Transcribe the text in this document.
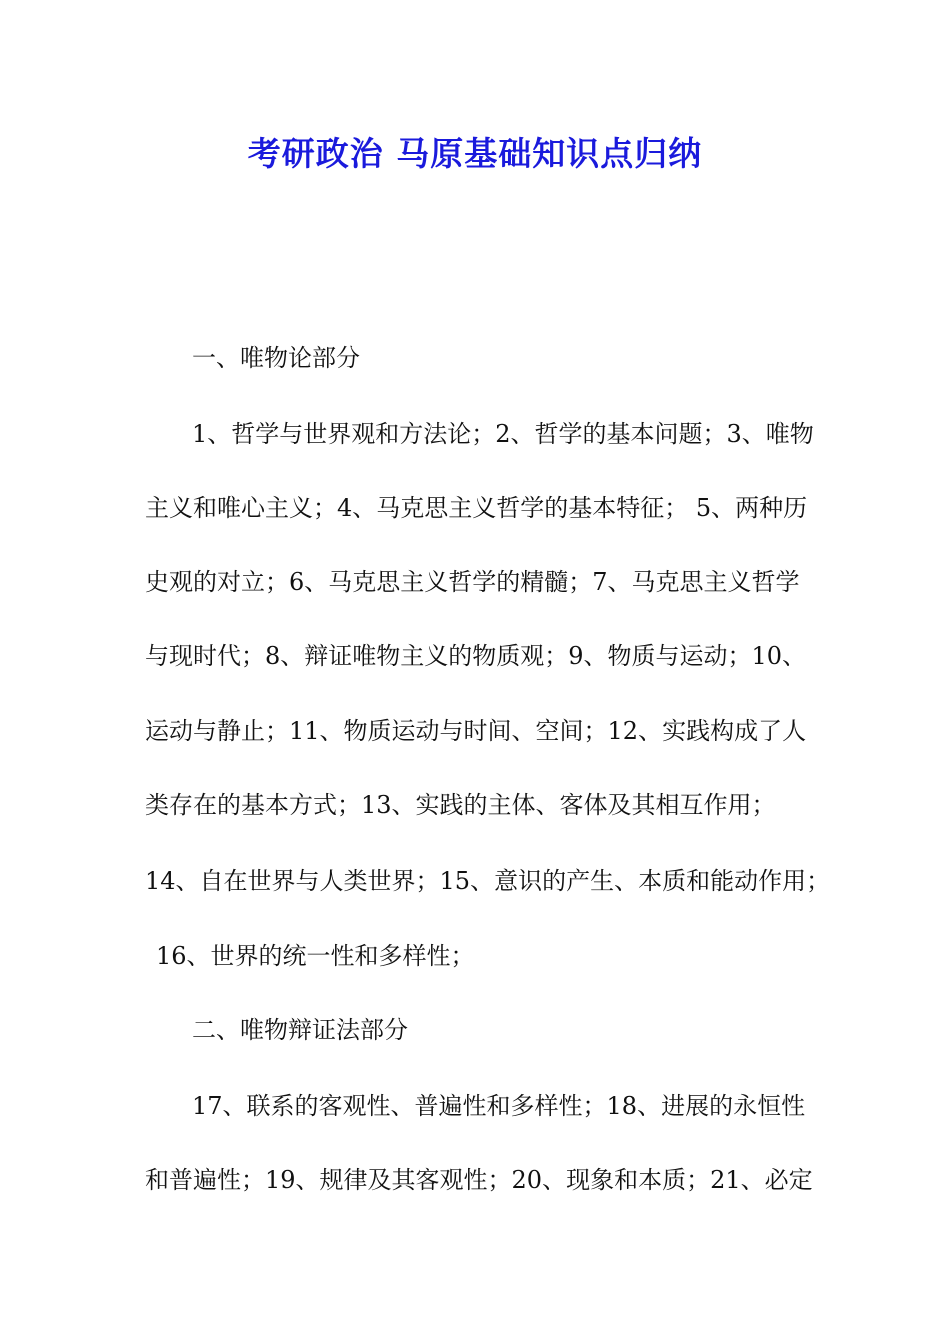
考研政治 马原基础知识点归纳
一、唯物论部分
1、哲学与世界观和方法论；2、哲学的基本问题；3、唯物
主义和唯心主义；4、马克思主义哲学的基本特征； 5、两种历
史观的对立；6、马克思主义哲学的精髓；7、马克思主义哲学
与现时代；8、辩证唯物主义的物质观；9、物质与运动；10、
运动与静止；11、物质运动与时间、空间；12、实践构成了人
类存在的基本方式；13、实践的主体、客体及其相互作用；
14、自在世界与人类世界；15、意识的产生、本质和能动作用；
16、世界的统一性和多样性；
二、唯物辩证法部分
17、联系的客观性、普遍性和多样性；18、进展的永恒性
和普遍性；19、规律及其客观性；20、现象和本质；21、必定
